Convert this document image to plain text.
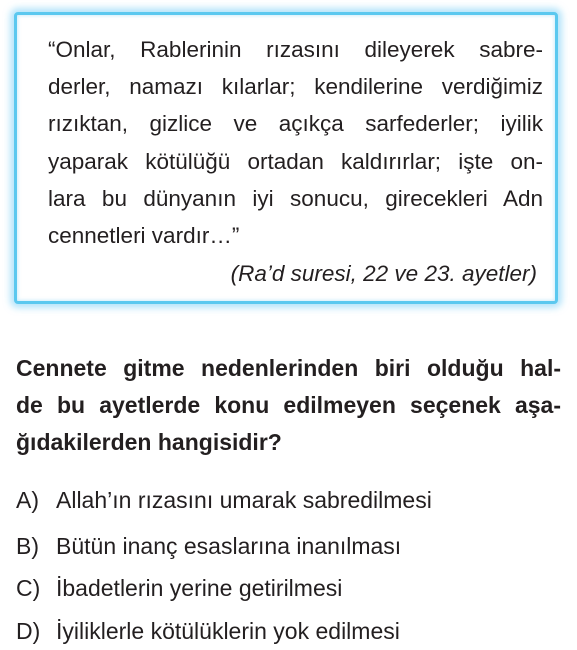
“Onlar, Rablerinin rızasını dileyerek sabre-
derler, namazı kılarlar; kendilerine verdiğimiz
rızıktan, gizlice ve açıkça sarfederler; iyilik
yaparak kötülüğü ortadan kaldırırlar; işte on-
lara bu dünyanın iyi sonucu, girecekleri Adn
cennetleri vardır…”
(Ra’d suresi, 22 ve 23. ayetler)
Cennete gitme nedenlerinden biri olduğu hal-
de bu ayetlerde konu edilmeyen seçenek aşa-
ğıdakilerden hangisidir?
A) Allah’ın rızasını umarak sabredilmesi
B) Bütün inanç esaslarına inanılması
C) İbadetlerin yerine getirilmesi
D) İyiliklerle kötülüklerin yok edilmesi
